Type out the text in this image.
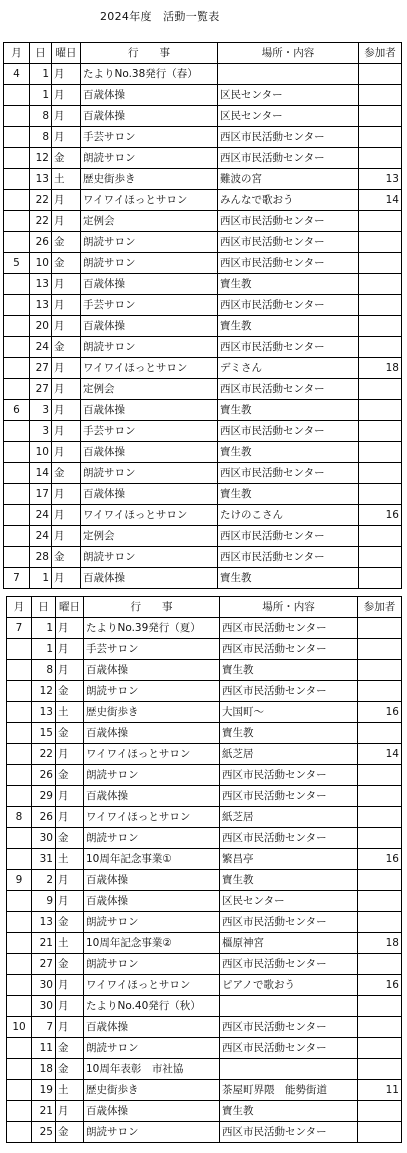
2024年度　活動一覧表
月	日	曜日	行　　事	場所・内容	参加者
4	1	月	たよりNo.38発行（春）		
	1	月	百歳体操	区民センター	
	8	月	百歳体操	区民センター	
	8	月	手芸サロン	西区市民活動センター	
	12	金	朗読サロン	西区市民活動センター	
	13	土	歴史街歩き	難波の宮	13
	22	月	ワイワイほっとサロン	みんなで歌おう	14
	22	月	定例会	西区市民活動センター	
	26	金	朗読サロン	西区市民活動センター	
5	10	金	朗読サロン	西区市民活動センター	
	13	月	百歳体操	寶生教	
	13	月	手芸サロン	西区市民活動センター	
	20	月	百歳体操	寶生教	
	24	金	朗読サロン	西区市民活動センター	
	27	月	ワイワイほっとサロン	デミさん	18
	27	月	定例会	西区市民活動センター	
6	3	月	百歳体操	寶生教	
	3	月	手芸サロン	西区市民活動センター	
	10	月	百歳体操	寶生教	
	14	金	朗読サロン	西区市民活動センター	
	17	月	百歳体操	寶生教	
	24	月	ワイワイほっとサロン	たけのこさん	16
	24	月	定例会	西区市民活動センター	
	28	金	朗読サロン	西区市民活動センター	
7	1	月	百歳体操	寶生教	
月	日	曜日	行　　事	場所・内容	参加者
7	1	月	たよりNo.39発行（夏）	西区市民活動センター	
	1	月	手芸サロン	西区市民活動センター	
	8	月	百歳体操	寶生教	
	12	金	朗読サロン	西区市民活動センター	
	13	土	歴史街歩き	大国町～	16
	15	金	百歳体操	寶生教	
	22	月	ワイワイほっとサロン	紙芝居	14
	26	金	朗読サロン	西区市民活動センター	
	29	月	百歳体操	西区市民活動センター	
8	26	月	ワイワイほっとサロン	紙芝居	
	30	金	朗読サロン	西区市民活動センター	
	31	土	10周年記念事業①	繁昌亭	16
9	2	月	百歳体操	寶生教	
	9	月	百歳体操	区民センター	
	13	金	朗読サロン	西区市民活動センター	
	21	土	10周年記念事業②	橿原神宮	18
	27	金	朗読サロン	西区市民活動センター	
	30	月	ワイワイほっとサロン	ピアノで歌おう	16
	30	月	たよりNo.40発行（秋）		
10	7	月	百歳体操	西区市民活動センター	
	11	金	朗読サロン	西区市民活動センター	
	18	金	10周年表彰　市社協		
	19	土	歴史街歩き	茶屋町界隈　能勢街道	11
	21	月	百歳体操	寶生教	
	25	金	朗読サロン	西区市民活動センター	
